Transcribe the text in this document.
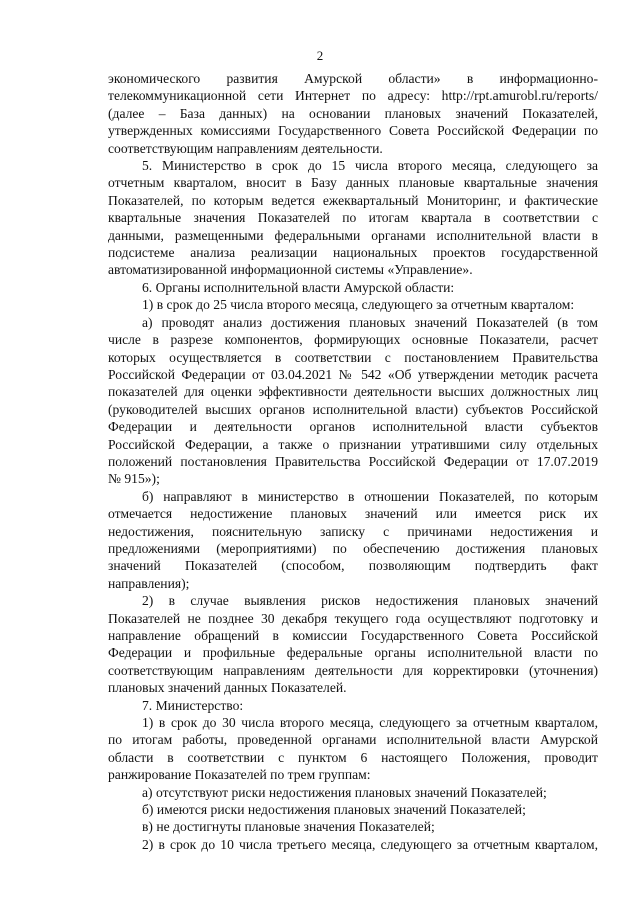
2
экономического развития Амурской области» в информационно-
телекоммуникационной сети Интернет по адресу: http://rpt.amurobl.ru/reports/
(далее – База данных) на основании плановых значений Показателей,
утвержденных комиссиями Государственного Совета Российской Федерации по
соответствующим направлениям деятельности.
5. Министерство в срок до 15 числа второго месяца, следующего за
отчетным кварталом, вносит в Базу данных плановые квартальные значения
Показателей, по которым ведется ежеквартальный Мониторинг, и фактические
квартальные значения Показателей по итогам квартала в соответствии с
данными, размещенными федеральными органами исполнительной власти в
подсистеме анализа реализации национальных проектов государственной
автоматизированной информационной системы «Управление».
6. Органы исполнительной власти Амурской области:
1) в срок до 25 числа второго месяца, следующего за отчетным кварталом:
а) проводят анализ достижения плановых значений Показателей (в том
числе в разрезе компонентов, формирующих основные Показатели, расчет
которых осуществляется в соответствии с постановлением Правительства
Российской Федерации от 03.04.2021 № 542 «Об утверждении методик расчета
показателей для оценки эффективности деятельности высших должностных лиц
(руководителей высших органов исполнительной власти) субъектов Российской
Федерации и деятельности органов исполнительной власти субъектов
Российской Федерации, а также о признании утратившими силу отдельных
положений постановления Правительства Российской Федерации от 17.07.2019
№ 915»);
б) направляют в министерство в отношении Показателей, по которым
отмечается недостижение плановых значений или имеется риск их
недостижения, пояснительную записку с причинами недостижения и
предложениями (мероприятиями) по обеспечению достижения плановых
значений Показателей (способом, позволяющим подтвердить факт
направления);
2) в случае выявления рисков недостижения плановых значений
Показателей не позднее 30 декабря текущего года осуществляют подготовку и
направление обращений в комиссии Государственного Совета Российской
Федерации и профильные федеральные органы исполнительной власти по
соответствующим направлениям деятельности для корректировки (уточнения)
плановых значений данных Показателей.
7. Министерство:
1) в срок до 30 числа второго месяца, следующего за отчетным кварталом,
по итогам работы, проведенной органами исполнительной власти Амурской
области в соответствии с пунктом 6 настоящего Положения, проводит
ранжирование Показателей по трем группам:
а) отсутствуют риски недостижения плановых значений Показателей;
б) имеются риски недостижения плановых значений Показателей;
в) не достигнуты плановые значения Показателей;
2) в срок до 10 числа третьего месяца, следующего за отчетным кварталом,
